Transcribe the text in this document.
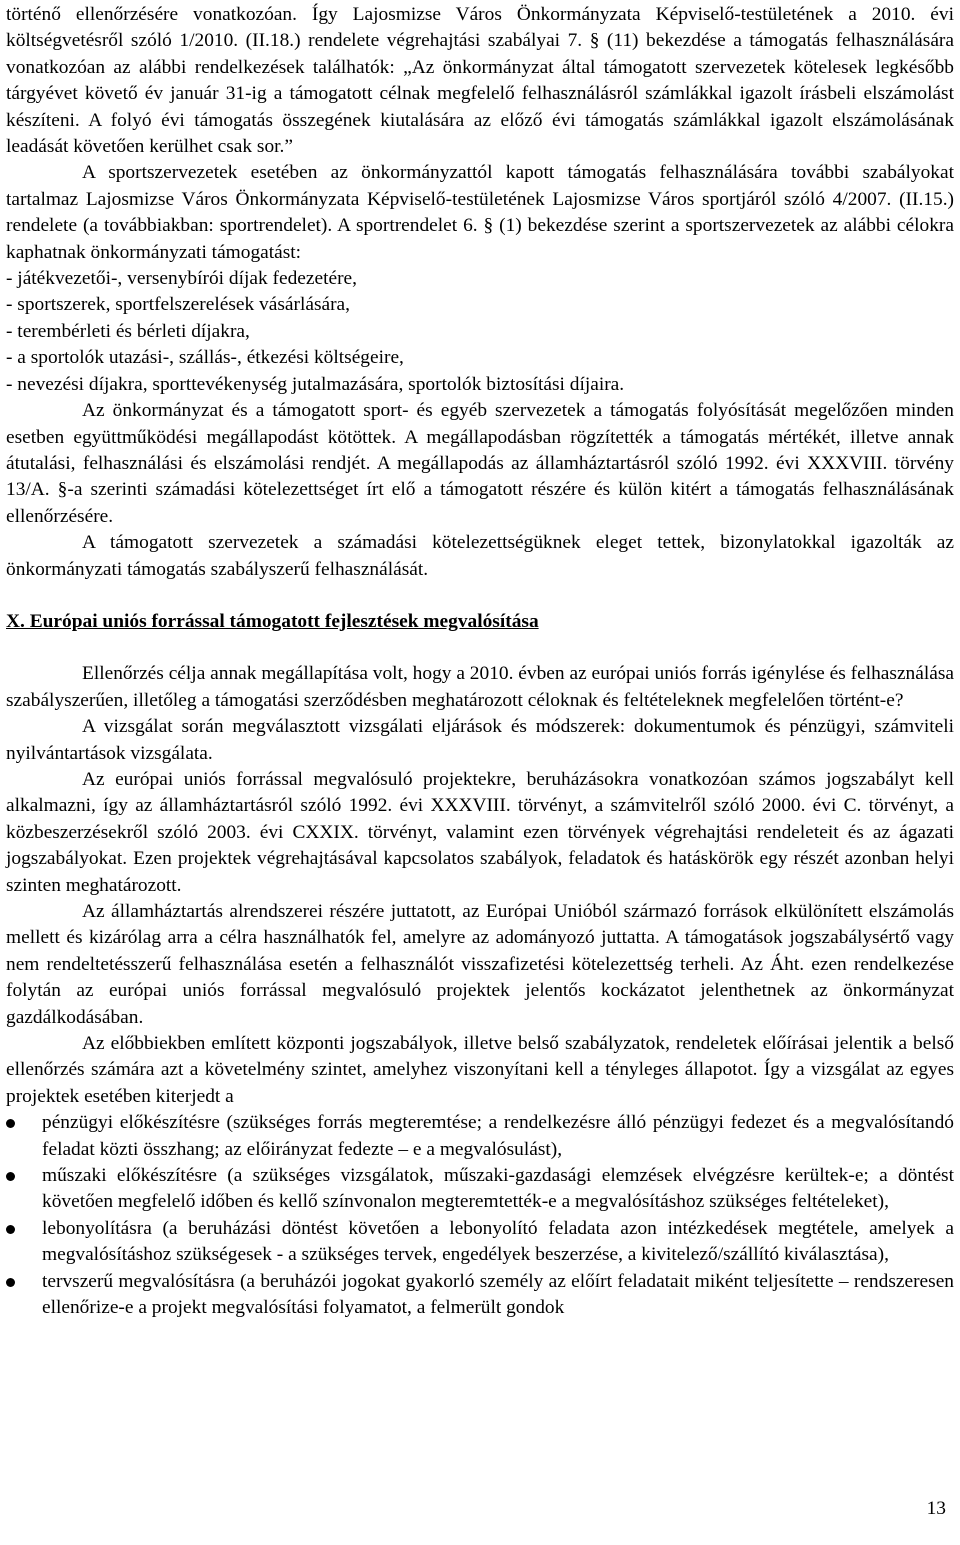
történő ellenőrzésére vonatkozóan. Így Lajosmizse Város Önkormányzata Képviselő-testületének a 2010. évi költségvetésről szóló 1/2010. (II.18.) rendelete végrehajtási szabályai 7. § (11) bekezdése a támogatás felhasználására vonatkozóan az alábbi rendelkezések találhatók: „Az önkormányzat által támogatott szervezetek kötelesek legkésőbb tárgyévet követő év január 31-ig a támogatott célnak megfelelő felhasználásról számlákkal igazolt írásbeli elszámolást készíteni. A folyó évi támogatás összegének kiutalására az előző évi támogatás számlákkal igazolt elszámolásának leadását követően kerülhet csak sor.”

A sportszervezetek esetében az önkormányzattól kapott támogatás felhasználására további szabályokat tartalmaz Lajosmizse Város Önkormányzata Képviselő-testületének Lajosmizse Város sportjáról szóló 4/2007. (II.15.) rendelete (a továbbiakban: sportrendelet). A sportrendelet 6. § (1) bekezdése szerint a sportszervezetek az alábbi célokra kaphatnak önkormányzati támogatást:

- játékvezetői-, versenybírói díjak fedezetére,
- sportszerek, sportfelszerelések vásárlására,
- terembérleti és bérleti díjakra,
- a sportolók utazási-, szállás-, étkezési költségeire,
- nevezési díjakra, sporttevékenység jutalmazására, sportolók biztosítási díjaira.

Az önkormányzat és a támogatott sport- és egyéb szervezetek a támogatás folyósítását megelőzően minden esetben együttműködési megállapodást kötöttek. A megállapodásban rögzítették a támogatás mértékét, illetve annak átutalási, felhasználási és elszámolási rendjét. A megállapodás az államháztartásról szóló 1992. évi XXXVIII. törvény 13/A. §-a szerinti számadási kötelezettséget írt elő a támogatott részére és külön kitért a támogatás felhasználásának ellenőrzésére.

A támogatott szervezetek a számadási kötelezettségüknek eleget tettek, bizonylatokkal igazolták az önkormányzati támogatás szabályszerű felhasználását.

X. Európai uniós forrással támogatott fejlesztések megvalósítása

Ellenőrzés célja annak megállapítása volt, hogy a 2010. évben az európai uniós forrás igénylése és felhasználása szabályszerűen, illetőleg a támogatási szerződésben meghatározott céloknak és feltételeknek megfelelően történt-e?

A vizsgálat során megválasztott vizsgálati eljárások és módszerek: dokumentumok és pénzügyi, számviteli nyilvántartások vizsgálata.

Az európai uniós forrással megvalósuló projektekre, beruházásokra vonatkozóan számos jogszabályt kell alkalmazni, így az államháztartásról szóló 1992. évi XXXVIII. törvényt, a számvitelről szóló 2000. évi C. törvényt, a közbeszerzésekről szóló 2003. évi CXXIX. törvényt, valamint ezen törvények végrehajtási rendeleteit és az ágazati jogszabályokat. Ezen projektek végrehajtásával kapcsolatos szabályok, feladatok és hatáskörök egy részét azonban helyi szinten meghatározott.

Az államháztartás alrendszerei részére juttatott, az Európai Unióból származó források elkülönített elszámolás mellett és kizárólag arra a célra használhatók fel, amelyre az adományozó juttatta. A támogatások jogszabálysértő vagy nem rendeltetésszerű felhasználása esetén a felhasználót visszafizetési kötelezettség terheli. Az Áht. ezen rendelkezése folytán az európai uniós forrással megvalósuló projektek jelentős kockázatot jelenthetnek az önkormányzat gazdálkodásában.

Az előbbiekben említett központi jogszabályok, illetve belső szabályzatok, rendeletek előírásai jelentik a belső ellenőrzés számára azt a követelmény szintet, amelyhez viszonyítani kell a tényleges állapotot. Így a vizsgálat az egyes projektek esetében kiterjedt a

pénzügyi előkészítésre (szükséges forrás megteremtése; a rendelkezésre álló pénzügyi fedezet és a megvalósítandó feladat közti összhang; az előirányzat fedezte – e a megvalósulást),
műszaki előkészítésre (a szükséges vizsgálatok, műszaki-gazdasági elemzések elvégzésre kerültek-e; a döntést követően megfelelő időben és kellő színvonalon megteremtették-e a megvalósításhoz szükséges feltételeket),
lebonyolításra (a beruházási döntést követően a lebonyolító feladata azon intézkedések megtétele, amelyek a megvalósításhoz szükségesek - a szükséges tervek, engedélyek beszerzése, a kivitelező/szállító kiválasztása),
tervszerű megvalósításra (a beruházói jogokat gyakorló személy az előírt feladatait miként teljesítette – rendszeresen ellenőrize-e a projekt megvalósítási folyamatot, a felmerült gondok
13
